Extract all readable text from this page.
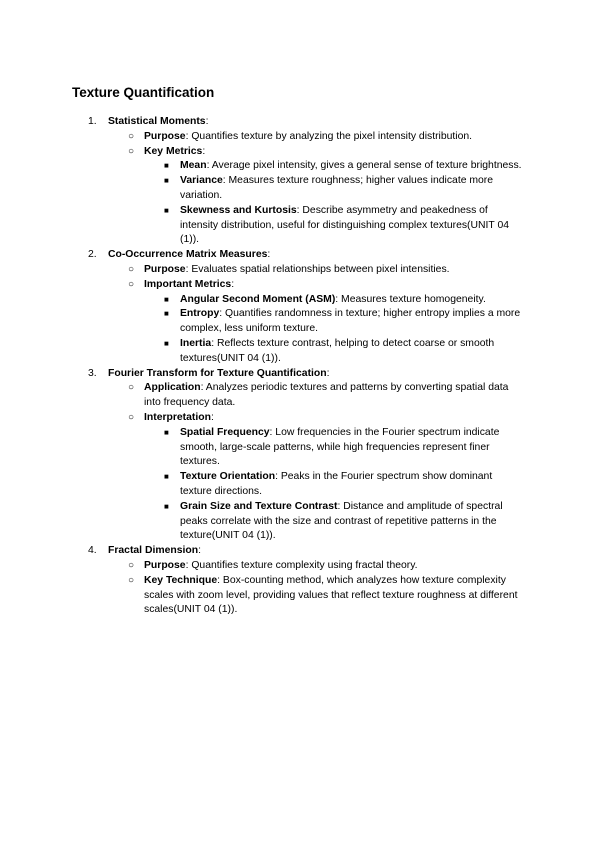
Texture Quantification
1. Statistical Moments:
○ Purpose: Quantifies texture by analyzing the pixel intensity distribution.
○ Key Metrics:
■ Mean: Average pixel intensity, gives a general sense of texture brightness.
■ Variance: Measures texture roughness; higher values indicate more variation.
■ Skewness and Kurtosis: Describe asymmetry and peakedness of intensity distribution, useful for distinguishing complex textures(UNIT 04 (1)).
2. Co-Occurrence Matrix Measures:
○ Purpose: Evaluates spatial relationships between pixel intensities.
○ Important Metrics:
■ Angular Second Moment (ASM): Measures texture homogeneity.
■ Entropy: Quantifies randomness in texture; higher entropy implies a more complex, less uniform texture.
■ Inertia: Reflects texture contrast, helping to detect coarse or smooth textures(UNIT 04 (1)).
3. Fourier Transform for Texture Quantification:
○ Application: Analyzes periodic textures and patterns by converting spatial data into frequency data.
○ Interpretation:
■ Spatial Frequency: Low frequencies in the Fourier spectrum indicate smooth, large-scale patterns, while high frequencies represent finer textures.
■ Texture Orientation: Peaks in the Fourier spectrum show dominant texture directions.
■ Grain Size and Texture Contrast: Distance and amplitude of spectral peaks correlate with the size and contrast of repetitive patterns in the texture(UNIT 04 (1)).
4. Fractal Dimension:
○ Purpose: Quantifies texture complexity using fractal theory.
○ Key Technique: Box-counting method, which analyzes how texture complexity scales with zoom level, providing values that reflect texture roughness at different scales(UNIT 04 (1)).
